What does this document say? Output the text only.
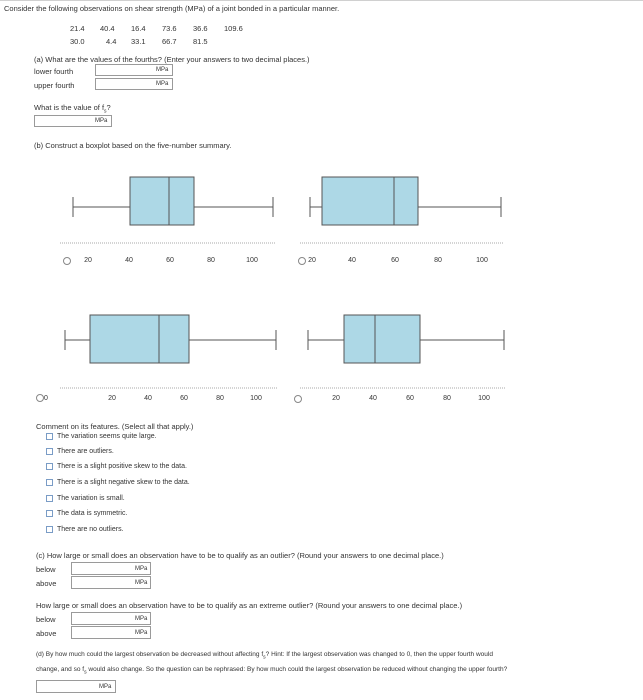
Consider the following observations on shear strength (MPa) of a joint bonded in a particular manner.
21.4 40.4 16.4 73.6 36.6 109.6
30.0	4.4 33.1 66.7 81.5
(a) What are the values of the fourths? (Enter your answers to two decimal places.)
lower fourth	MPa
upper fourth	MPa
What is the value of $f_s$?
MPa
(b) Construct a boxplot based on the five-number summary.
20	40	60	80	100	20	40	60	80	100
0	20	40	60	80	100	20	40	60	80	100
Comment on its features. (Select all that apply.)
The variation seems quite large.
There are outliers.
There is a slight positive skew to the data.
There is a slight negative skew to the data.
The variation is small.
The data is symmetric.
There are no outliers.
(c) How large or small does an observation have to be to qualify as an outlier? (Round your answers to one decimal place.)
below	MPa
above	MPa
How large or small does an observation have to be to qualify as an extreme outlier? (Round your answers to one decimal place.)
below	MPa
above	MPa
(d) By how much could the largest observation be decreased without affecting $f_s$? Hint: If the largest observation was changed to 0, then the upper fourth would
change, and so $f_s$ would also change. So the question can be rephrased: By how much could the largest observation be reduced without changing the upper fourth?
MPa
